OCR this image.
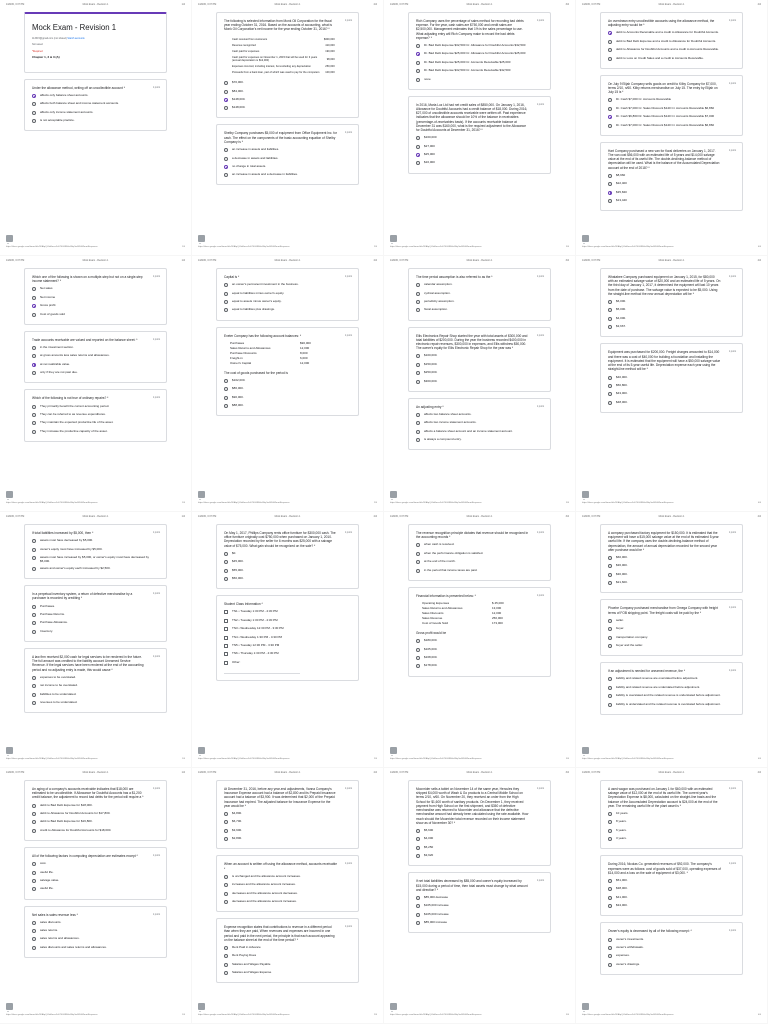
1/28/20, 3:37 PM	Mock Exam - Revision 1	1/4
Mock Exam - Revision 1
113315@gmail.com (not shared) Switch accounts
Not saved
*Required
Chapter 1, 2 & 3 (A)
1 point
Under the allowance method, writing off an uncollectible account *
affects only balance sheet accounts.
affects both balance sheet and income statement accounts.
affects only income statement accounts.
is not acceptable practice.
https://docs.google.com/forms/d/e/1FAIpQLSd0mvc3o5T4U0lRHs0NqOwtW5t9/formResponse	1/4
1/28/20, 3:37 PM	Mock Exam - Revision 1	2/4
1 point
The following is selected information from Monk Oil Corporation for the fiscal year ending October 31, 2016. Based on the accounts of accounting, what is Monk Oil Corporation's net income for the year ending October 31, 2016? *
Cash received from customers	$300,000
Revenue recognized	410,000
Cash paid for expenses	190,000
Cash paid for expenses on November 1, 2015 that will be used for 3 years (annual depreciation is $12,000)	98,000
Expenses incurred, including interest, but excluding any depreciation	250,000
Proceeds from a bank loan, part of which was used to pay for the computers	100,000
$70,000.
$84,000.
$148,000.
$148,000.
1 point
Shelby Company purchases $5,000 of equipment from Office Equipment Inc. for cash. The effect on the components of the basic accounting equation of Shelby Company is *
an increase in assets and liabilities.
a decrease in assets and liabilities.
no change in total assets.
an increase in assets and a decrease in liabilities.
https://docs.google.com/forms/d/e/1FAIpQLSd0mvc3o5T4U0lRHs0NqOwtW5t9/formResponse	2/4
1/28/20, 3:37 PM	Mock Exam - Revision 1	3/4
1 point
Rich Company uses the percentage of sales method for recording bad debts expense. For the year, cash sales are $750,000 and credit sales are $2,500,000. Management estimates that 1% is the sales percentage to use. What adjusting entry will Rich Company make to record the bad debts expense? *
Dr. Bad Debt Expense $32,500 Cr. Allowance for Doubtful Accounts $32,500
Dr. Bad Debt Expense $25,000 Cr. Allowance for Doubtful Accounts $25,000
Dr. Bad Debt Expense $25,000 Cr. Accounts Receivable $25,000
Dr. Bad Debt Expense $32,500 Cr. Accounts Receivable $32,500
none
1 point
In 2016, Maria Luz Ltd had net credit sales of $850,000. On January 1, 2016, Allowance for Doubtful Accounts had a credit balance of $18,000. During 2016, $27,000 of uncollectible accounts receivable were written off. Past experience indicates that the allowance should be 10% of the balance in receivables (percentage-of-receivables basis). If the accounts receivable balance at December 31 was $160,000, what is the required adjustment to the Allowance for Doubtful Accounts at December 31, 2016? *
$160,000
$27,000
$25,000
$16,000
https://docs.google.com/forms/d/e/1FAIpQLSd0mvc3o5T4U0lRHs0NqOwtW5t9/formResponse	3/4
1/28/20, 3:37 PM	Mock Exam - Revision 1	4/4
1 point
An overdrawn entry uncollectible accounts using the allowance method, the adjusting entry would be *
debit to Accounts Receivable and a credit to Allowance for Doubtful Accounts.
debit to Bad Debt Expense and a credit to Allowance for Doubtful Accounts.
debit to Allowance for Doubtful Accounts and a credit to Accounts Receivable.
debit to Loss on Credit Sales and a credit to Accounts Receivable.
1 point
On July 9 Elijah Company sells goods on credit to Kilby Company for $7,000, terms 2/10, n/60. Kilby returns merchandise on July 15. The entry by Elijah on July 15 is *
Dr. Cash $7,000 Cr. Accounts Receivable
Dr. Cash $7,000 Cr. Sales Discount $140 Cr. Accounts Receivable $6,860
Dr. Cash $6,860 Dr. Sales Discount $140 Cr. Accounts Receivable $7,000
Dr. Cash $7,000 Cr. Sales Discount $140 Cr. Accounts Receivable $6,860
1 point
Hart Company purchased a new van for floral deliveries on January 1, 2017. The van cost $56,000 with an estimated life of 5 years and $14,000 salvage value at the end of its useful life. The double-declining-balance method of depreciation will be used. What is the balance of the Accumulated Depreciation account at the end of 2018? *
$8,960
$22,400
$35,840
$13,440
https://docs.google.com/forms/d/e/1FAIpQLSd0mvc3o5T4U0lRHs0NqOwtW5t9/formResponse	4/4
1/28/20, 3:37 PM	Mock Exam - Revision 1	1/4
1 point
Which one of the following is shown on a multiple-step but not on a single-step income statement? *
Net sales
Net income
Gross profit
Cost of goods sold
1 point
Trade accounts receivable are valued and reported on the balance sheet: *
in the investment section.
at gross amounts less sales returns and allowances.
at net realizable value.
only if they are not past due.
1 point
Which of the following is not true of ordinary repairs? *
They primarily benefit the current accounting period.
They can be referred to as revenue expenditures.
They maintain the expected productive life of the asset.
They increase the productive capacity of the asset.
https://docs.google.com/forms/d/e/1FAIpQLSd0mvc3o5T4U0lRHs0NqOwtW5t9/formResponse	1/4
1/28/20, 3:37 PM	Mock Exam - Revision 1	2/4
1 point
Capital is *
an owner's permanent investment in the business.
equal to liabilities minus owner's equity.
equal to assets minus owner's equity.
equal to liabilities plus drawings.
1 point
Exeter Company has the following account balances: *
Purchases	$90,000
Sales Returns and Allowances	12,000
Purchase Discounts	8,000
Freight-in	6,000
Owner's Capital	12,000
The cost of goods purchased for the period is
$102,000.
$86,000.
$90,000.
$88,000.
https://docs.google.com/forms/d/e/1FAIpQLSd0mvc3o5T4U0lRHs0NqOwtW5t9/formResponse	2/4
1/28/20, 3:37 PM	Mock Exam - Revision 1	3/4
1 point
The time period assumption is also referred to as the *
calendar assumption.
cyclical assumption.
periodicity assumption.
fiscal assumption.
1 point
Ellis Electronics Repair Shop started the year with total assets of $300,000 and total liabilities of $200,000. During the year the business recorded $400,000 in electronic repair revenues, $300,000 in expenses, and Ellis withdrew $50,000. The owner's equity for Ellis Electronic Repair Shop for the year was *
$100,000.
$150,000.
$250,000.
$300,000.
1 point
An adjusting entry *
affects two balance sheet accounts.
affects two income statement accounts.
affects a balance sheet account and an income statement account.
is always a compound entry.
https://docs.google.com/forms/d/e/1FAIpQLSd0mvc3o5T4U0lRHs0NqOwtW5t9/formResponse	3/4
1/28/20, 3:37 PM	Mock Exam - Revision 1	4/4
1 point
Whatabee Company purchased equipment on January 1, 2015, for $80,000 with an estimated salvage value of $20,000 and an estimated life of 5 years. On the third day of January 1, 2017, it determined the equipment will last 10 years from the date of purchase. The salvage value is expected to be $5,000. Using the straight-line method the new annual depreciation will be *
$6,000.
$5,000.
$4,000.
$3,667.
1 point
Equipment was purchased for $200,000. Freight charges amounted to $14,000 and there was a cost of $40,000 for building a foundation and installing the equipment. It is estimated that the equipment will have a $50,000 salvage value at the end of its 5-year useful life. Depreciation expense each year using the straight-line method will be *
$40,000.
$50,800.
$43,000.
$48,000.
https://docs.google.com/forms/d/e/1FAIpQLSd0mvc3o5T4U0lRHs0NqOwtW5t9/formResponse	4/4
1/28/20, 3:37 PM	Mock Exam - Revision 1	1/4
1 point
If total liabilities increased by $5,000, then *
assets must have decreased by $5,000.
owner's equity must have increased by $5,000.
assets must have increased by $5,000, or owner's equity must have decreased by $5,000.
assets and owner's equity each increased by $2,500.
1 point
In a perpetual inventory system, a return of defective merchandise by a purchaser is recorded by crediting *
Purchases.
Purchase Returns.
Purchase Allowance.
Inventory.
1 point
A law firm received $2,000 cash for legal services to be rendered in the future. The full amount was credited to the liability account Unearned Service Revenue. If the legal services have been rendered at the end of the accounting period and no adjusting entry is made, this would cause *
expenses to be overstated.
net income to be overstated.
liabilities to be understated.
revenues to be understated.
https://docs.google.com/forms/d/e/1FAIpQLSd0mvc3o5T4U0lRHs0NqOwtW5t9/formResponse	1/4
1/28/20, 3:37 PM	Mock Exam - Revision 1	2/4
1 point
On May 1, 2017, Phillips Company rents office furniture for $300,000 cash. The office furniture originally cost $750,000 when purchased on January 1, 2010. Depreciation recorded by the seller for 6 months was $25,000 with a salvage value of $75,000. What gain should be recognized on the sale? *
$0.
$45,000.
$55,000.
$50,000.
Student Class Information *
TN1 • Tuesday 1:30 PM - 4:30 PM
TN2 • Tuesday 1:30 PM - 4:30 PM
TN3 • Wednesday 12:30 PM - 3:30 PM
TN4 • Wednesday 1:30 PM - 4:30 PM
TN5 • Tuesday 12:30 PM - 3:30 PM
TN6 • Thursday 1:30 PM - 4:30 PM
Other:
https://docs.google.com/forms/d/e/1FAIpQLSd0mvc3o5T4U0lRHs0NqOwtW5t9/formResponse	2/4
1/28/20, 3:37 PM	Mock Exam - Revision 1	3/4
1 point
The revenue recognition principle dictates that revenue should be recognized in the accounting records *
when cash is received.
when the performance obligation is satisfied.
at the end of the month.
in the period that income taxes are paid.
1 point
Financial information is presented below: *
Operating Expenses	$ 45,000
Sales Returns and Allowances	13,000
Sales Discounts	12,000
Sales Revenue	250,000
Cost of Goods Sold	173,000
Gross profit would be
$180,000.
$105,000.
$168,000.
$178,000.
https://docs.google.com/forms/d/e/1FAIpQLSd0mvc3o5T4U0lRHs0NqOwtW5t9/formResponse	3/4
1/28/20, 3:37 PM	Mock Exam - Revision 1	4/4
1 point
A company purchased factory equipment for $150,000. It is estimated that the equipment will have a $15,000 salvage value at the end of its estimated 5-year useful life. If the company uses the double-declining-balance method of depreciation, the amount of annual depreciation recorded for the second year after purchase would be *
$60,000.
$36,000.
$30,000.
$21,600.
1 point
Phoebe Company purchased merchandise from Omega Company with freight terms of FOB shipping point. The freight costs will be paid by the *
seller.
buyer.
transportation company.
buyer and the seller.
1 point
If an adjustment is needed for unearned revenue, the *
liability and related revenue are overstated before adjustment.
liability and related revenue are understated before adjustment.
liability is overstated and the related revenue is understated before adjustment.
liability is understated and the related revenue is overstated before adjustment.
https://docs.google.com/forms/d/e/1FAIpQLSd0mvc3o5T4U0lRHs0NqOwtW5t9/formResponse	4/4
1/28/20, 3:37 PM	Mock Exam - Revision 1	1/4
1 point
An aging of a company's accounts receivable indicates that $18,000 are estimated to be uncollectible. If Allowance for Doubtful Accounts has a $1,200 credit balance, the adjustment to record bad debts for the period will require a *
debit to Bad Debt Expense for $18,000.
debit to Allowance for Doubtful Accounts for $17,800.
debit to Bad Debt Expense for $16,800.
credit to Allowance for Doubtful Accounts for $18,000.
1 point
All of the following factors in computing depreciation are estimates except *
cost.
useful life.
salvage value.
useful life.
1 point
Net sales is sales revenue less *
sales discounts.
sales returns.
sales returns and allowances.
sales discounts and sales returns and allowances.
https://docs.google.com/forms/d/e/1FAIpQLSd0mvc3o5T4U0lRHs0NqOwtW5t9/formResponse	1/4
1/28/20, 3:37 PM	Mock Exam - Revision 1	2/4
1 point
At December 31, 2016, before any year-end adjustments, Vanna Company's Insurance Expense account had a balance of $2,800 and its Prepaid Insurance account had a balance of $3,900. It was determined that $2,000 of the Prepaid Insurance had expired. The adjusted balance for Insurance Expense for the year would be *
$4,800.
$6,700.
$3,900.
$2,800.
1 point
When an account is written off using the allowance method, accounts receivable *
is unchanged and the allowance account increases.
increases and the allowance account increases.
decreases and the allowance account decreases.
decreases and the allowance account increases.
1 point
Expense recognition states that contributions to revenue in a different period than when they are paid, When revenues and expenses are incurred in one period and paid in the next period, the principle is that each account appearing on the balance sheet at the end of the time period? *
Rent Paid in Advance
Rent Paying Dues
Salaries and Wages Payable
Salaries and Wages Expense
https://docs.google.com/forms/d/e/1FAIpQLSd0mvc3o5T4U0lRHs0NqOwtW5t9/formResponse	2/4
1/28/20, 3:37 PM	Mock Exam - Revision 1	3/4
1 point
Moonrider sells a tablet on November 14 of the same year, Hercules they shipped $4,000 worth of Wash & Go products to a Central Middle School on terms 2/10, n/60. On November 20, they received an order from the High School for $1,600 worth of sanitary products. On December 1, they received payment from High School on the first shipment, and $350 of defective merchandise was returned to Moonrider and allowance that the defective merchandise amount had already been calculated using the rate available. How much should the Moonrider total revenue recorded on their income statement show as of November 30? *
$5,600
$4,000
$5,250
$3,920
1 point
If net total liabilities decreased by $85,000 and owner's equity increased by $15,000 during a period of time, then total assets must change by what amount and direction? *
$85,000 decrease
$105,000 increase
$105,000 increase
$85,000 increase
https://docs.google.com/forms/d/e/1FAIpQLSd0mvc3o5T4U0lRHs0NqOwtW5t9/formResponse	3/4
1/28/20, 3:37 PM	Mock Exam - Revision 1	4/4
1 point
A used wagon was purchased on January 1 for $60,000 with an estimated salvage value of $12,000 at the end of its useful life. The current year's Depreciation Expense is $8,000, calculated on the straight-line basis and the balance of the Accumulated Depreciation account is $24,000 at the end of the year. The remaining useful life of the plant asset is *
10 years.
8 years.
6 years.
3 years.
1 point
During 2016, Nicolas Co. generated revenues of $92,000. The company's expenses were as follows: cost of goods sold of $37,000, operating expenses of $14,000 and a loss on the sale of equipment of $3,000. *
$51,000.
$38,000.
$41,000.
$34,000.
1 point
Owner's equity is decreased by all of the following except: *
owner's investments.
owner's withdrawals.
expenses.
owner's drawings.
https://docs.google.com/forms/d/e/1FAIpQLSd0mvc3o5T4U0lRHs0NqOwtW5t9/formResponse	4/4
